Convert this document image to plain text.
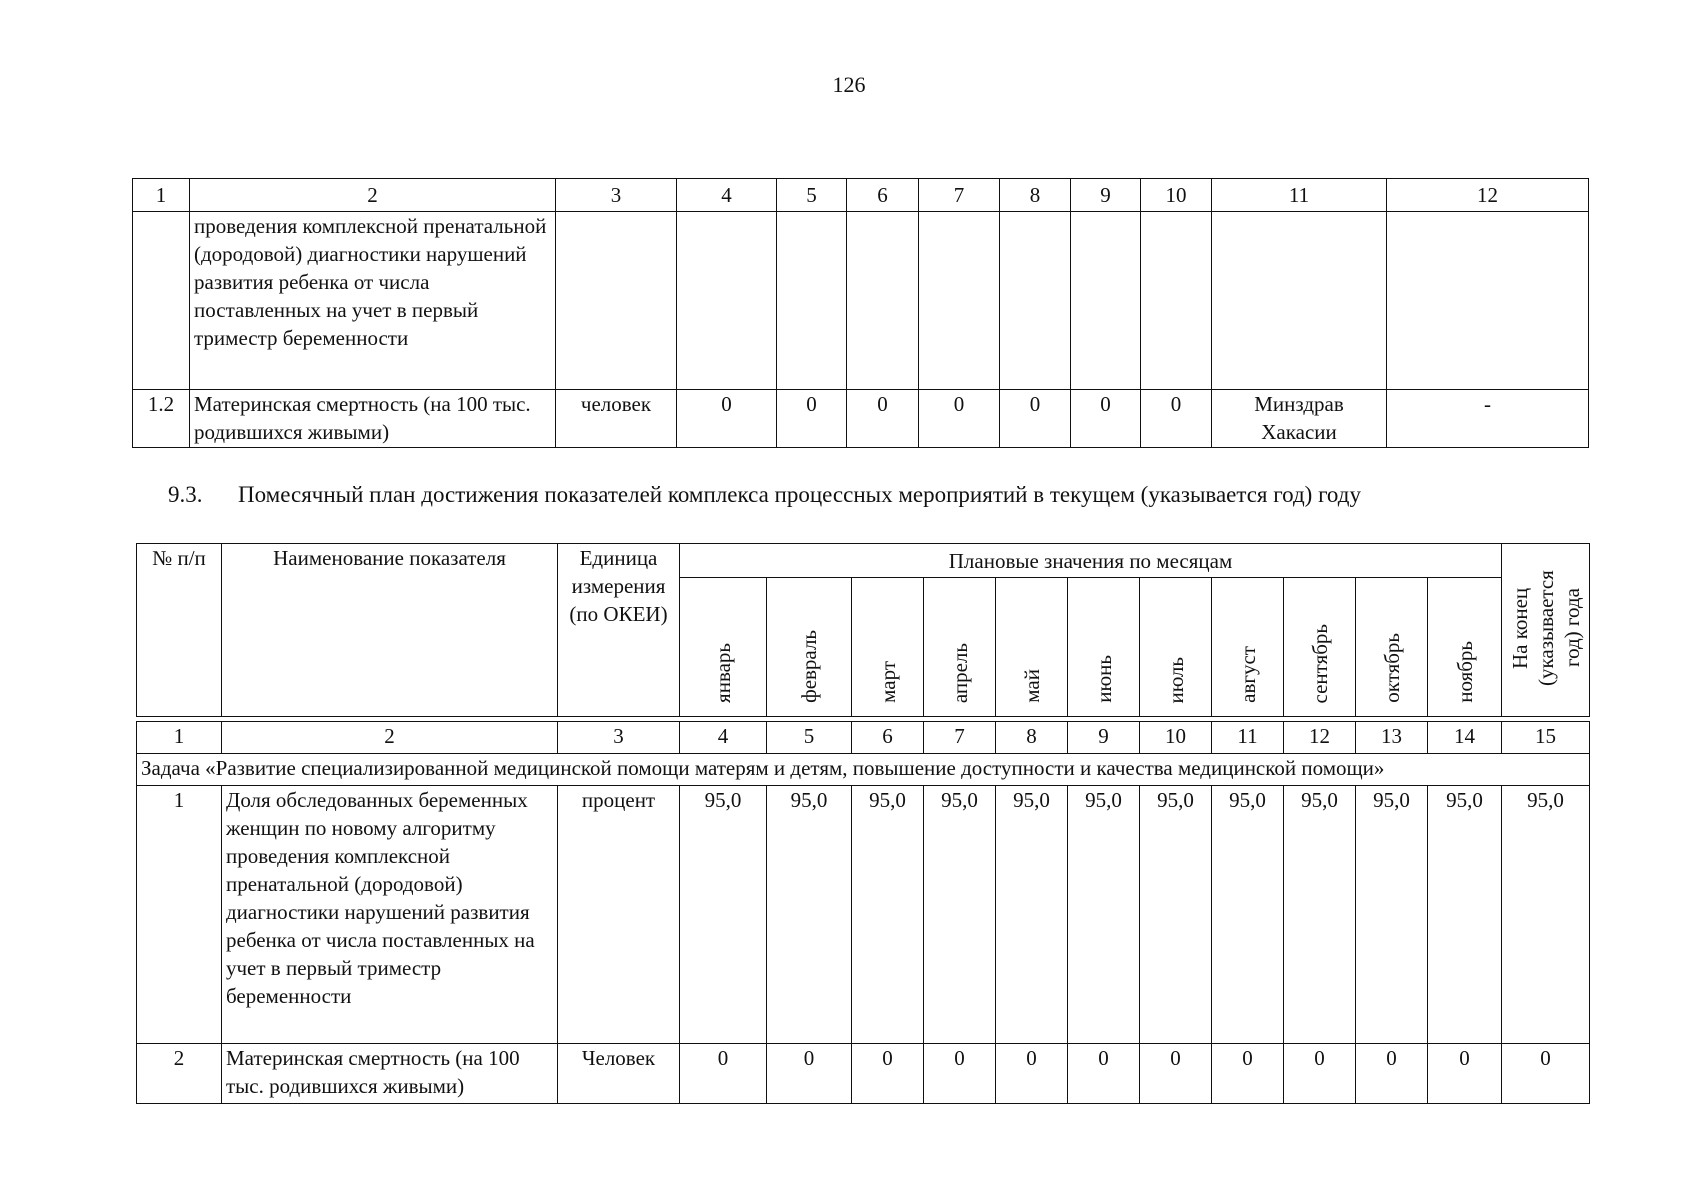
126
1	2	3	4	5	6	7	8	9	10	11	12
	проведения комплексной пренатальной (дородовой) диагностики нарушений развития ребенка от числа поставленных на учет в первый триместр беременности										
1.2	Материнская смертность (на 100 тыс. родившихся живыми)	человек	0	0	0	0	0	0	0	Минздрав Хакасии	-
9.3. Помесячный план достижения показателей комплекса процессных мероприятий в текущем (указывается год) году
№ п/п	Наименование показателя	Единица измерения (по ОКЕИ)	Плановые значения по месяцам											На конец (указывается год) года
			январь	февраль	март	апрель	май	июнь	июль	август	сентябрь	октябрь	ноябрь	

1	2	3	4	5	6	7	8	9	10	11	12	13	14	15
Задача «Развитие специализированной медицинской помощи матерям и детям, повышение доступности и качества медицинской помощи»														
1	Доля обследованных беременных женщин по новому алгоритму проведения комплексной пренатальной (дородовой) диагностики нарушений развития ребенка от числа поставленных на учет в первый триместр беременности	процент	95,0	95,0	95,0	95,0	95,0	95,0	95,0	95,0	95,0	95,0	95,0	95,0
2	Материнская смертность (на 100 тыс. родившихся живыми)	Человек	0	0	0	0	0	0	0	0	0	0	0	0
